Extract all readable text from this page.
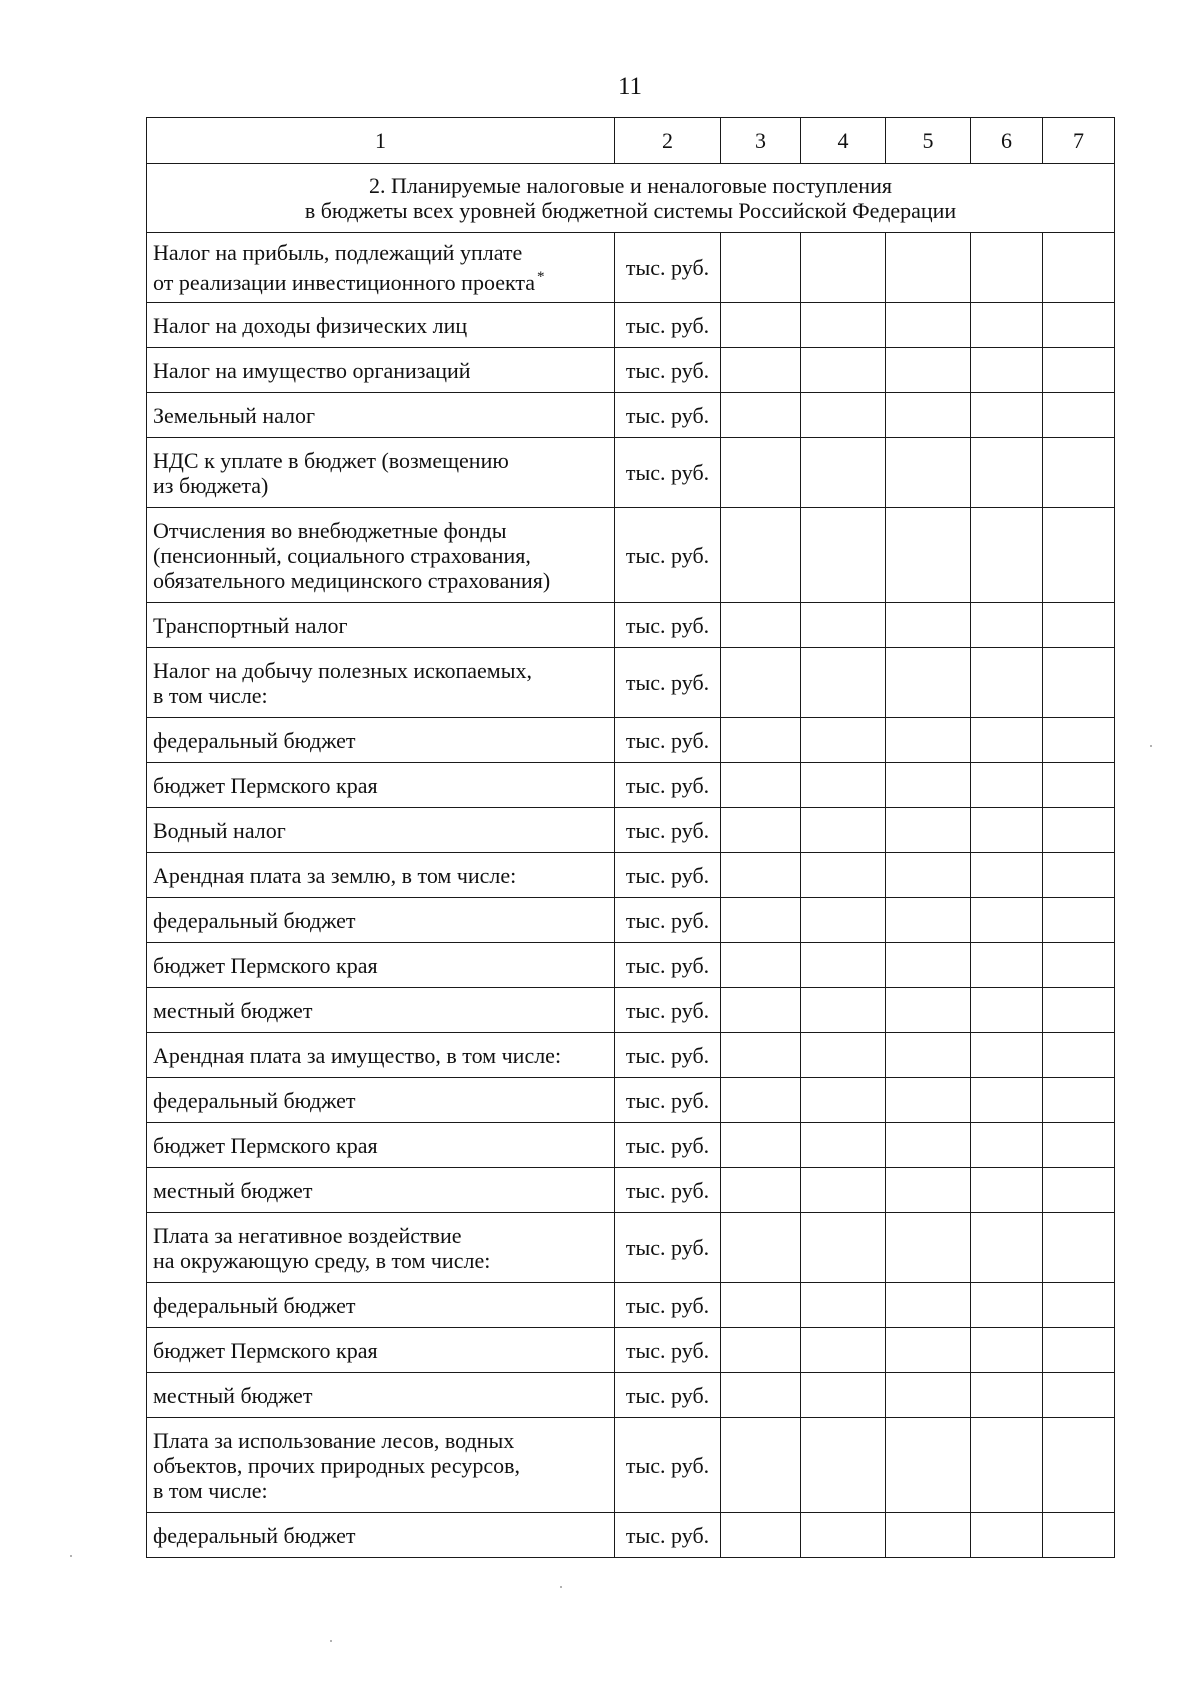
11
1	2	3	4	5	6	7
2. Планируемые налоговые и неналоговые поступления
в бюджеты всех уровней бюджетной системы Российской Федерации						
Налог на прибыль, подлежащий уплате
от реализации инвестиционного проекта *	тыс. руб.					
Налог на доходы физических лиц	тыс. руб.					
Налог на имущество организаций	тыс. руб.					
Земельный налог	тыс. руб.					
НДС к уплате в бюджет (возмещению
из бюджета)	тыс. руб.					
Отчисления во внебюджетные фонды
(пенсионный, социального страхования,
обязательного медицинского страхования)	тыс. руб.					
Транспортный налог	тыс. руб.					
Налог на добычу полезных ископаемых,
в том числе:	тыс. руб.					
федеральный бюджет	тыс. руб.					
бюджет Пермского края	тыс. руб.					
Водный налог	тыс. руб.					
Арендная плата за землю, в том числе:	тыс. руб.					
федеральный бюджет	тыс. руб.					
бюджет Пермского края	тыс. руб.					
местный бюджет	тыс. руб.					
Арендная плата за имущество, в том числе:	тыс. руб.					
федеральный бюджет	тыс. руб.					
бюджет Пермского края	тыс. руб.					
местный бюджет	тыс. руб.					
Плата за негативное воздействие
на окружающую среду, в том числе:	тыс. руб.					
федеральный бюджет	тыс. руб.					
бюджет Пермского края	тыс. руб.					
местный бюджет	тыс. руб.					
Плата за использование лесов, водных
объектов, прочих природных ресурсов,
в том числе:	тыс. руб.					
федеральный бюджет	тыс. руб.					
